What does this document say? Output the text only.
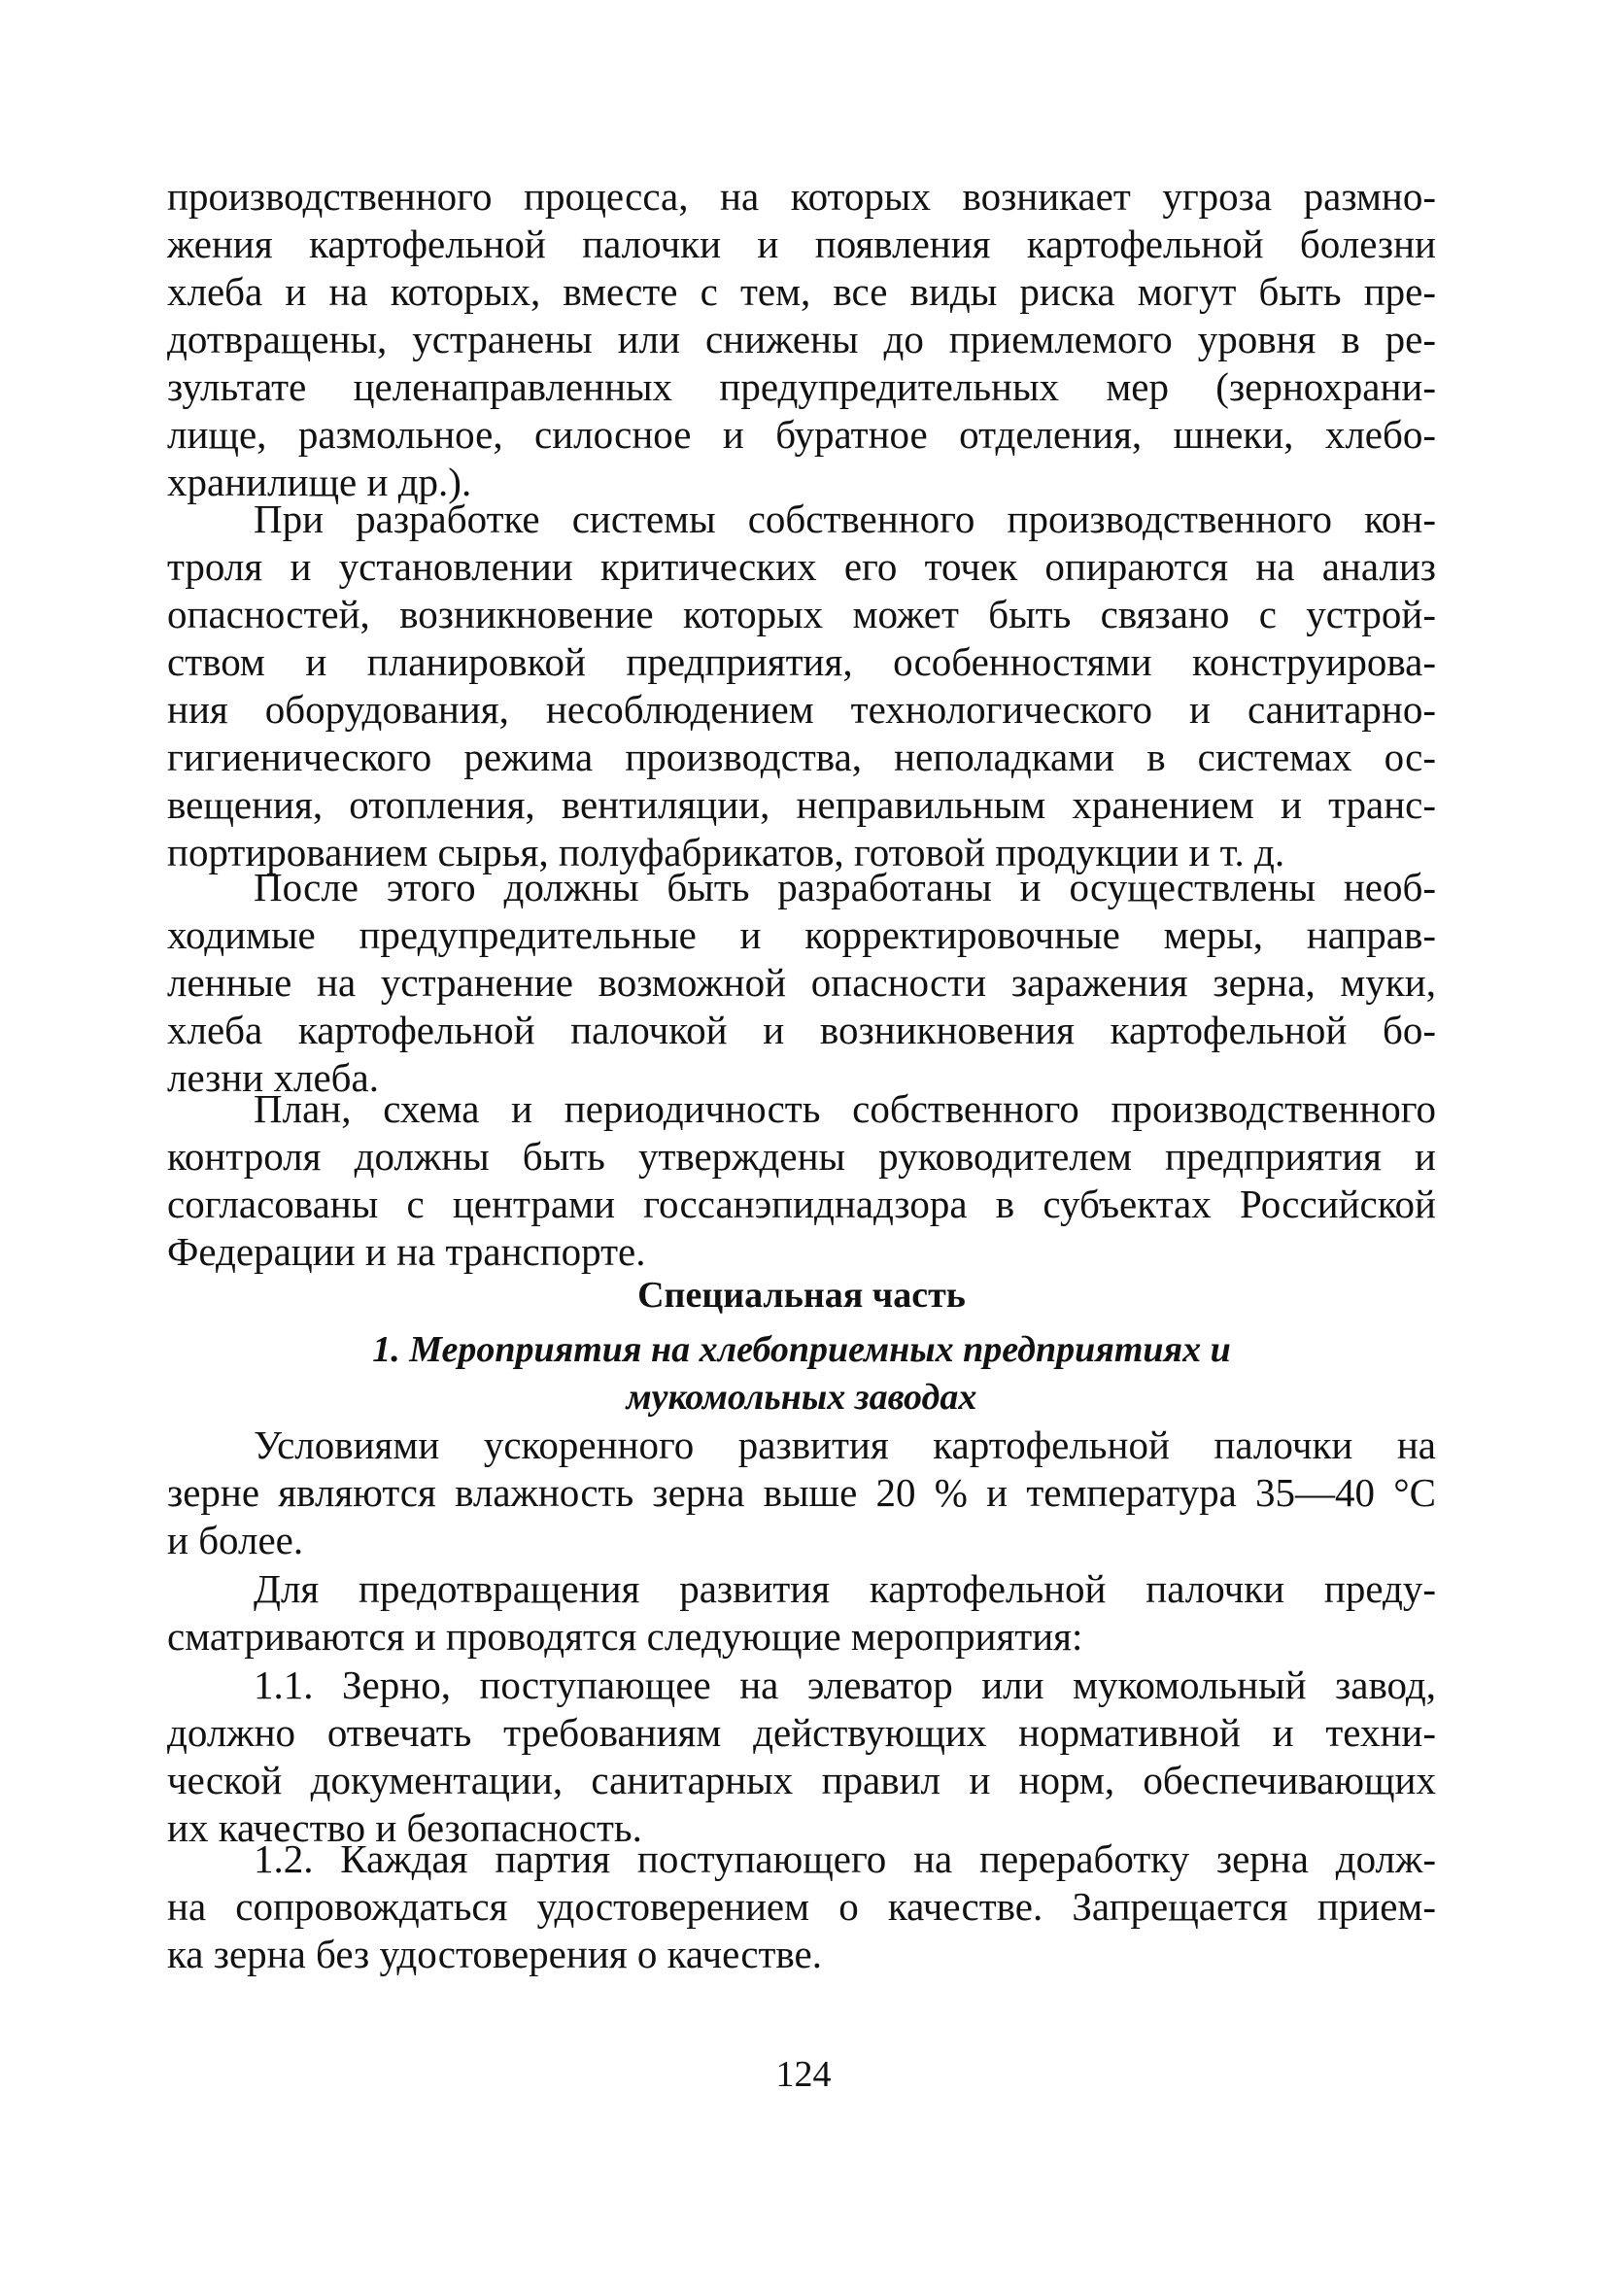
производственного процесса, на которых возникает угроза размно-
жения картофельной палочки и появления картофельной болезни
хлеба и на которых, вместе с тем, все виды риска могут быть пре-
дотвращены, устранены или снижены до приемлемого уровня в ре-
зультате целенаправленных предупредительных мер (зернохрани-
лище, размольное, силосное и буратное отделения, шнеки, хлебо-
хранилище и др.).
При разработке системы собственного производственного кон-
троля и установлении критических его точек опираются на анализ
опасностей, возникновение которых может быть связано с устрой-
ством и планировкой предприятия, особенностями конструирова-
ния оборудования, несоблюдением технологического и санитарно-
гигиенического режима производства, неполадками в системах ос-
вещения, отопления, вентиляции, неправильным хранением и транс-
портированием сырья, полуфабрикатов, готовой продукции и т. д.
После этого должны быть разработаны и осуществлены необ-
ходимые предупредительные и корректировочные меры, направ-
ленные на устранение возможной опасности заражения зерна, муки,
хлеба картофельной палочкой и возникновения картофельной бо-
лезни хлеба.
План, схема и периодичность собственного производственного
контроля должны быть утверждены руководителем предприятия и
согласованы с центрами госсанэпиднадзора в субъектах Российской
Федерации и на транспорте.
Специальная часть
1. Мероприятия на хлебоприемных предприятиях и
мукомольных заводах
Условиями ускоренного развития картофельной палочки на
зерне являются влажность зерна выше 20 % и температура 35—40 °С
и более.
Для предотвращения развития картофельной палочки преду-
сматриваются и проводятся следующие мероприятия:
1.1. Зерно, поступающее на элеватор или мукомольный завод,
должно отвечать требованиям действующих нормативной и техни-
ческой документации, санитарных правил и норм, обеспечивающих
их качество и безопасность.
1.2. Каждая партия поступающего на переработку зерна долж-
на сопровождаться удостоверением о качестве. Запрещается прием-
ка зерна без удостоверения о качестве.
124
